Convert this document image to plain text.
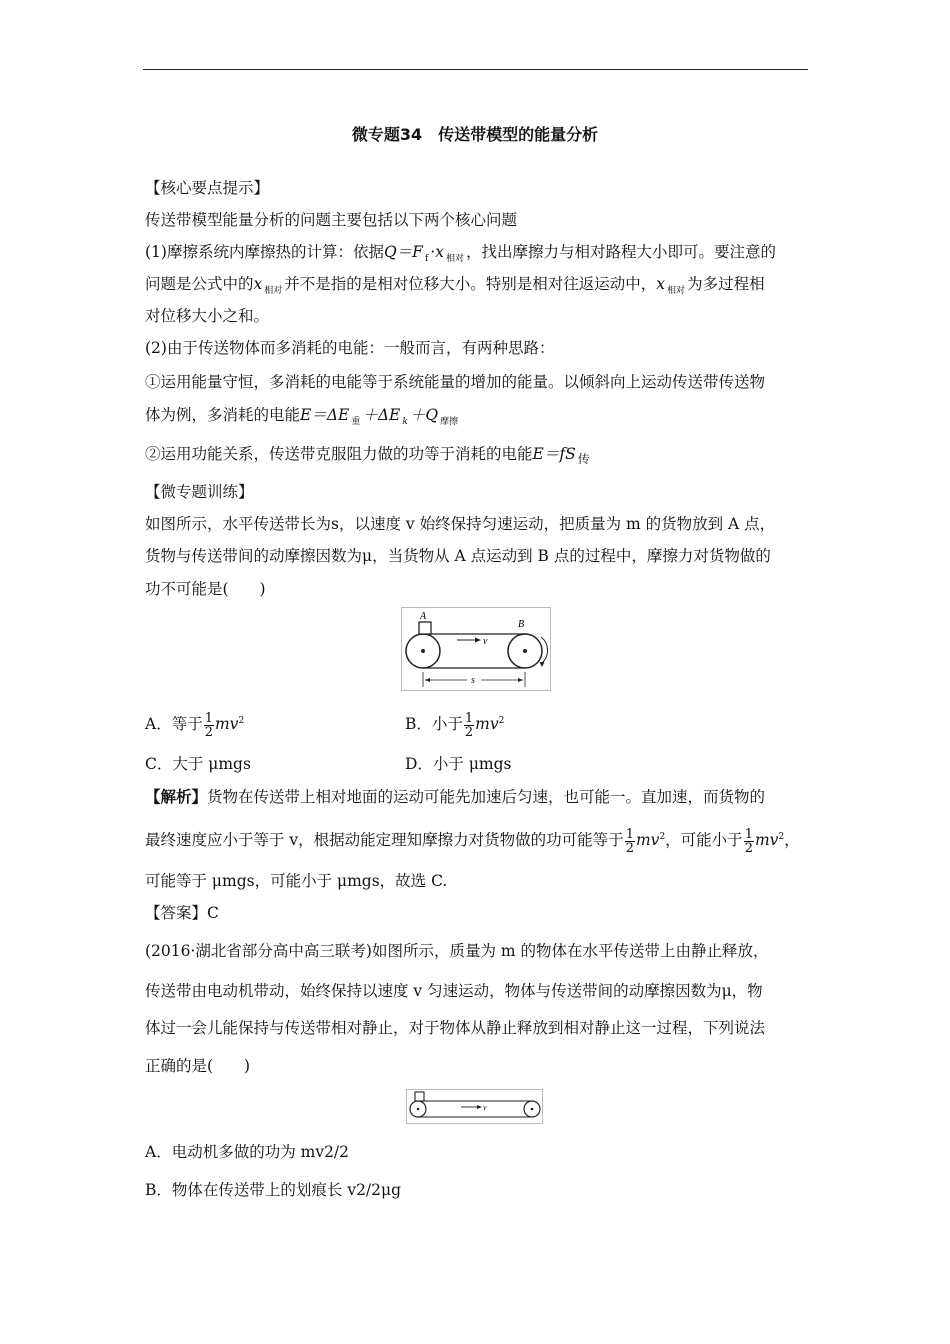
微专题34　传送带模型的能量分析
【核心要点提示】
传送带模型能量分析的问题主要包括以下两个核心问题
(1)摩擦系统内摩擦热的计算：依据Q＝F $_f$ ·x $_{相对}$ ，找出摩擦力与相对路程大小即可。要注意的
问题是公式中的x $_{相对}$ 并不是指的是相对位移大小。特别是相对往返运动中，x $_{相对}$ 为多过程相
对位移大小之和。
(2)由于传送物体而多消耗的电能：一般而言，有两种思路：
①运用能量守恒，多消耗的电能等于系统能量的增加的能量。以倾斜向上运动传送带传送物
体为例，多消耗的电能E＝ΔE $_重$ ＋ΔE $_k$ ＋Q $_{摩擦}$
②运用功能关系，传送带克服阻力做的功等于消耗的电能E＝fS $_传$
【微专题训练】
如图所示，水平传送带长为s，以速度 v 始终保持匀速运动，把质量为 m 的货物放到 A 点，
货物与传送带间的动摩擦因数为μ，当货物从 A 点运动到 B 点的过程中，摩擦力对货物做的
功不可能是(　　)
A
B
v
s
A．等于 $\frac{1}{2} mv^2$	B．小于 $\frac{1}{2} mv^2$
C．大于 μmgs	D．小于 μmgs
【解析】货物在传送带上相对地面的运动可能先加速后匀速，也可能一。直加速，而货物的
最终速度应小于等于 v，根据动能定理知摩擦力对货物做的功可能等于 $\frac{1}{2} mv^2$，可能小于 $\frac{1}{2} mv^2$，
可能等于 μmgs，可能小于 μmgs，故选 C.
【答案】C
(2016·湖北省部分高中高三联考)如图所示，质量为 m 的物体在水平传送带上由静止释放，
传送带由电动机带动，始终保持以速度 v 匀速运动，物体与传送带间的动摩擦因数为μ，物
体过一会儿能保持与传送带相对静止，对于物体从静止释放到相对静止这一过程，下列说法
正确的是(　　)
v
A．电动机多做的功为 mv2/2
B．物体在传送带上的划痕长 v2/2μg
